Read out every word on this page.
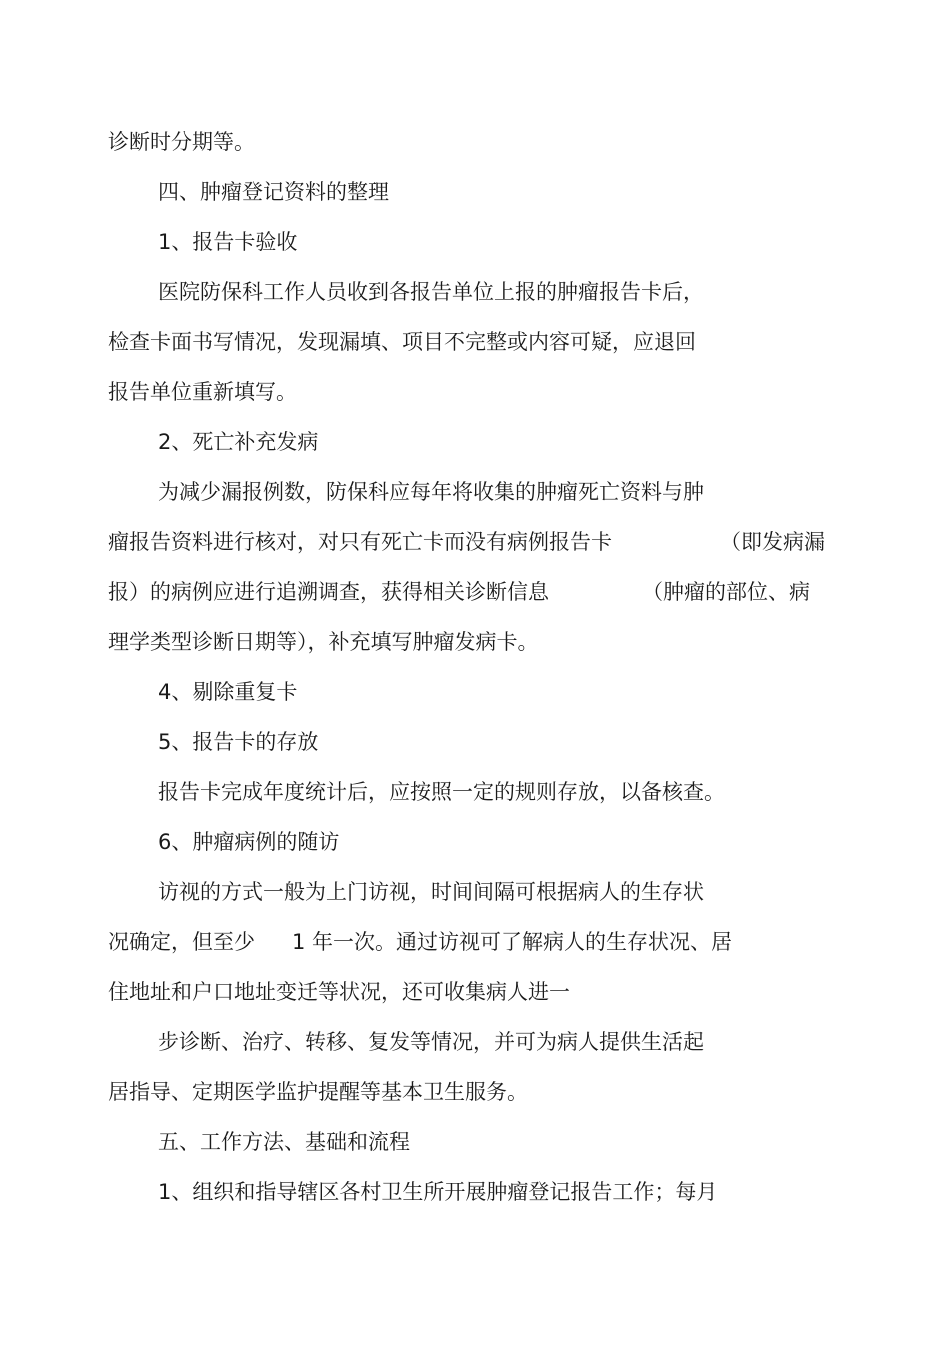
诊断时分期等。

四、肿瘤登记资料的整理

1、报告卡验收

医院防保科工作人员收到各报告单位上报的肿瘤报告卡后，

检查卡面书写情况，发现漏填、项目不完整或内容可疑，应退回

报告单位重新填写。

2、死亡补充发病

为减少漏报例数，防保科应每年将收集的肿瘤死亡资料与肿

瘤报告资料进行核对，对只有死亡卡而没有病例报告卡	（即发病漏
报）的病例应进行追溯调查，获得相关诊断信息	（肿瘤的部位、病

理学类型诊断日期等），补充填写肿瘤发病卡。

4、剔除重复卡

5、报告卡的存放

报告卡完成年度统计后，应按照一定的规则存放，以备核查。

6、肿瘤病例的随访

访视的方式一般为上门访视，时间间隔可根据病人的生存状

况确定，但至少 1 年一次。通过访视可了解病人的生存状况、居

住地址和户口地址变迁等状况，还可收集病人进一

步诊断、治疗、转移、复发等情况，并可为病人提供生活起

居指导、定期医学监护提醒等基本卫生服务。

五、工作方法、基础和流程

1、组织和指导辖区各村卫生所开展肿瘤登记报告工作；每月
